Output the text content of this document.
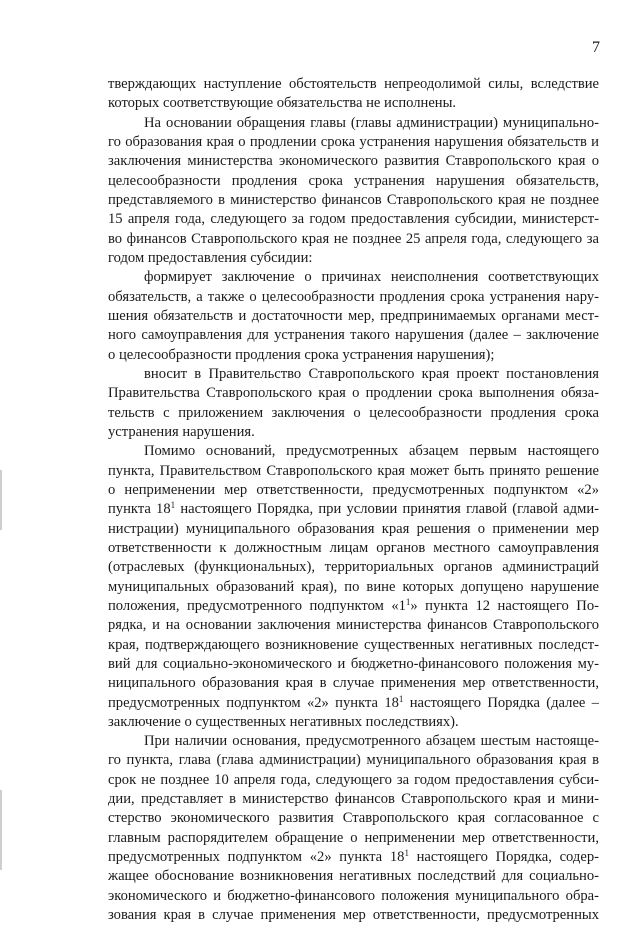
7
тверждающих наступление обстоятельств непреодолимой силы, вследствие
которых соответствующие обязательства не исполнены.
На основании обращения главы (главы администрации) муниципально-
го образования края о продлении срока устранения нарушения обязательств и
заключения министерства экономического развития Ставропольского края о
целесообразности продления срока устранения нарушения обязательств,
представляемого в министерство финансов Ставропольского края не позднее
15 апреля года, следующего за годом предоставления субсидии, министерст-
во финансов Ставропольского края не позднее 25 апреля года, следующего за
годом предоставления субсидии:
формирует заключение о причинах неисполнения соответствующих
обязательств, а также о целесообразности продления срока устранения нару-
шения обязательств и достаточности мер, предпринимаемых органами мест-
ного самоуправления для устранения такого нарушения (далее – заключение
о целесообразности продления срока устранения нарушения);
вносит в Правительство Ставропольского края проект постановления
Правительства Ставропольского края о продлении срока выполнения обяза-
тельств с приложением заключения о целесообразности продления срока
устранения нарушения.
Помимо оснований, предусмотренных абзацем первым настоящего
пункта, Правительством Ставропольского края может быть принято решение
о неприменении мер ответственности, предусмотренных подпунктом «2»
пункта $18^1$ настоящего Порядка, при условии принятия главой (главой адми-
нистрации) муниципального образования края решения о применении мер
ответственности к должностным лицам органов местного самоуправления
(отраслевых (функциональных), территориальных органов администраций
муниципальных образований края), по вине которых допущено нарушение
положения, предусмотренного подпунктом «$1^1$» пункта 12 настоящего По-
рядка, и на основании заключения министерства финансов Ставропольского
края, подтверждающего возникновение существенных негативных последст-
вий для социально-экономического и бюджетно-финансового положения му-
ниципального образования края в случае применения мер ответственности,
предусмотренных подпунктом «2» пункта $18^1$ настоящего Порядка (далее –
заключение о существенных негативных последствиях).
При наличии основания, предусмотренного абзацем шестым настояще-
го пункта, глава (глава администрации) муниципального образования края в
срок не позднее 10 апреля года, следующего за годом предоставления субси-
дии, представляет в министерство финансов Ставропольского края и мини-
стерство экономического развития Ставропольского края согласованное с
главным распорядителем обращение о неприменении мер ответственности,
предусмотренных подпунктом «2» пункта $18^1$ настоящего Порядка, содер-
жащее обоснование возникновения негативных последствий для социально-
экономического и бюджетно-финансового положения муниципального обра-
зования края в случае применения мер ответственности, предусмотренных
